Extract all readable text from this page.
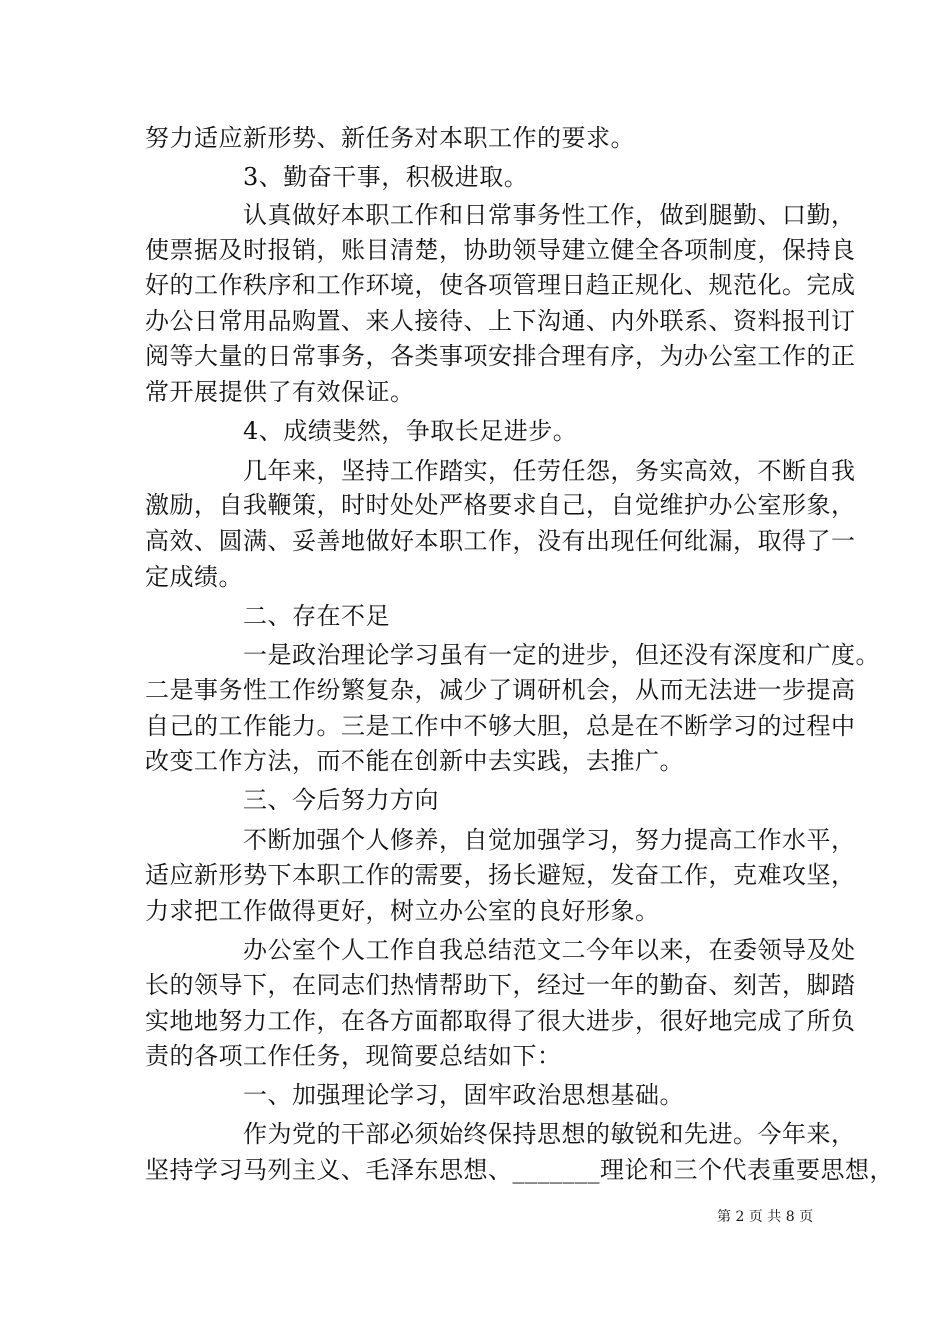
努力适应新形势、新任务对本职工作的要求。
3、勤奋干事，积极进取。
认真做好本职工作和日常事务性工作，做到腿勤、口勤，
使票据及时报销，账目清楚，协助领导建立健全各项制度，保持良
好的工作秩序和工作环境，使各项管理日趋正规化、规范化。完成
办公日常用品购置、来人接待、上下沟通、内外联系、资料报刊订
阅等大量的日常事务，各类事项安排合理有序，为办公室工作的正
常开展提供了有效保证。
4、成绩斐然，争取长足进步。
几年来，坚持工作踏实，任劳任怨，务实高效，不断自我
激励，自我鞭策，时时处处严格要求自己，自觉维护办公室形象，
高效、圆满、妥善地做好本职工作，没有出现任何纰漏，取得了一
定成绩。
二、存在不足
一是政治理论学习虽有一定的进步，但还没有深度和广度。
二是事务性工作纷繁复杂，减少了调研机会，从而无法进一步提高
自己的工作能力。三是工作中不够大胆，总是在不断学习的过程中
改变工作方法，而不能在创新中去实践，去推广。
三、今后努力方向
不断加强个人修养，自觉加强学习，努力提高工作水平，
适应新形势下本职工作的需要，扬长避短，发奋工作，克难攻坚，
力求把工作做得更好，树立办公室的良好形象。
办公室个人工作自我总结范文二今年以来，在委领导及处
长的领导下，在同志们热情帮助下，经过一年的勤奋、刻苦，脚踏
实地地努力工作，在各方面都取得了很大进步，很好地完成了所负
责的各项工作任务，现简要总结如下：
一、加强理论学习，固牢政治思想基础。
作为党的干部必须始终保持思想的敏锐和先进。今年来，
坚持学习马列主义、毛泽东思想、_______理论和三个代表重要思想，
第 2 页 共 8 页
